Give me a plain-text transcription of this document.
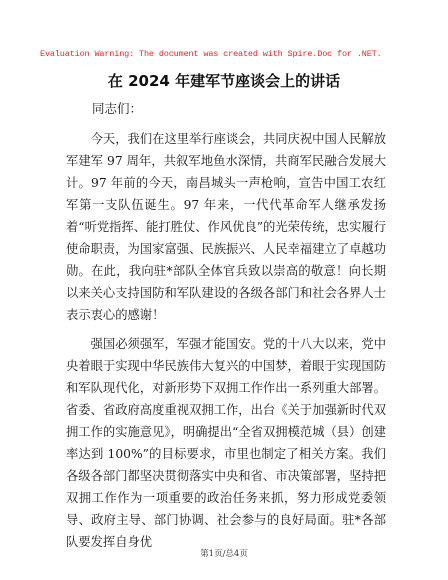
Evaluation Warning: The document was created with Spire.Doc for .NET.
在 2024 年建军节座谈会上的讲话
同志们：

今天，我们在这里举行座谈会，共同庆祝中国人民解放军建军 97 周年，共叙军地鱼水深情，共商军民融合发展大计。97 年前的今天，南昌城头一声枪响，宣告中国工农红军第一支队伍诞生。97 年来，一代代革命军人继承发扬着“听党指挥、能打胜仗、作风优良”的光荣传统，忠实履行使命职责，为国家富强、民族振兴、人民幸福建立了卓越功勋。在此，我向驻*部队全体官兵致以崇高的敬意！向长期以来关心支持国防和军队建设的各级各部门和社会各界人士表示衷心的感谢！

强国必须强军，军强才能国安。党的十八大以来，党中央着眼于实现中华民族伟大复兴的中国梦，着眼于实现国防和军队现代化，对新形势下双拥工作作出一系列重大部署。省委、省政府高度重视双拥工作，出台《关于加强新时代双拥工作的实施意见》，明确提出“全省双拥模范城（县）创建率达到 100%”的目标要求，市里也制定了相关方案。我们各级各部门都坚决贯彻落实中央和省、市决策部署，坚持把双拥工作作为一项重要的政治任务来抓，努力形成党委领导、政府主导、部门协调、社会参与的良好局面。驻*各部队要发挥自身优

第1页/总4页
